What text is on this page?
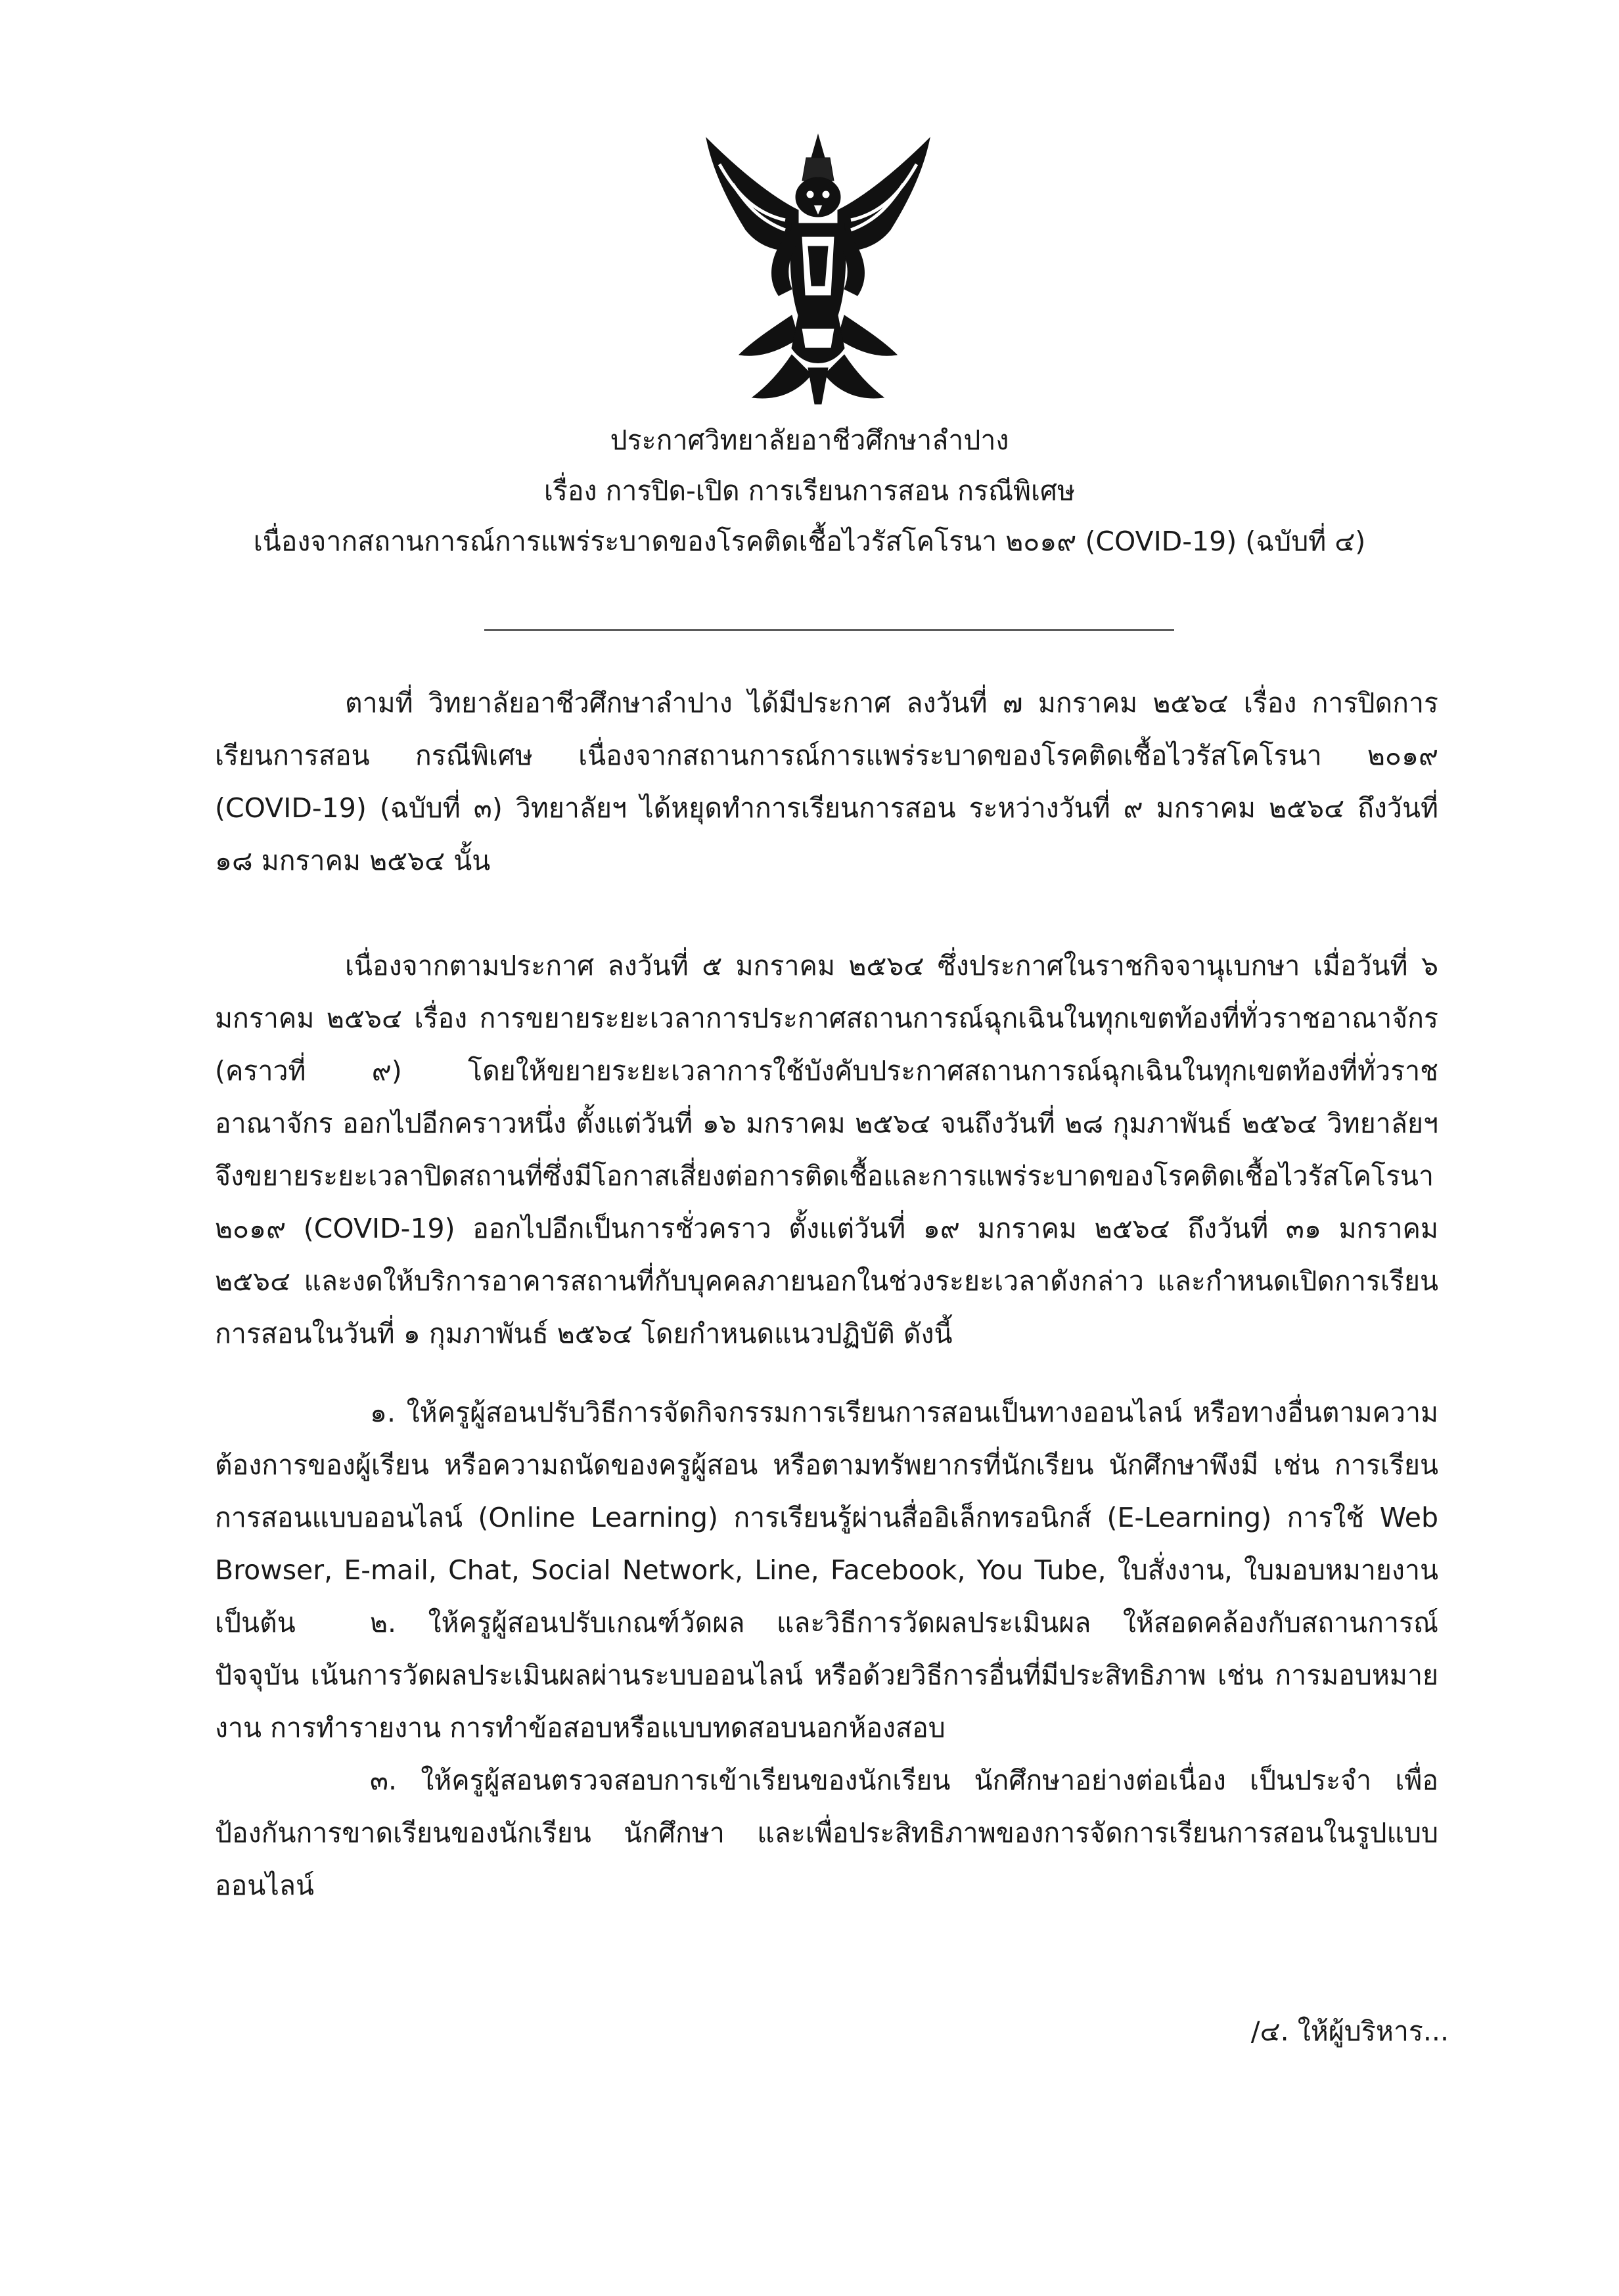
ประกาศวิทยาลัยอาชีวศึกษาลำปาง
เรื่อง การปิด-เปิด การเรียนการสอน กรณีพิเศษ
เนื่องจากสถานการณ์การแพร่ระบาดของโรคติดเชื้อไวรัสโคโรนา ๒๐๑๙ (COVID-19) (ฉบับที่ ๔)

ตามที่ วิทยาลัยอาชีวศึกษาลำปาง ได้มีประกาศ ลงวันที่ ๗ มกราคม ๒๕๖๔ เรื่อง การปิดการเรียนการสอน กรณีพิเศษ เนื่องจากสถานการณ์การแพร่ระบาดของโรคติดเชื้อไวรัสโคโรนา ๒๐๑๙ (COVID-19) (ฉบับที่ ๓) วิทยาลัยฯ ได้หยุดทำการเรียนการสอน ระหว่างวันที่ ๙ มกราคม ๒๕๖๔ ถึงวันที่ ๑๘ มกราคม ๒๕๖๔ นั้น

เนื่องจากตามประกาศ ลงวันที่ ๕ มกราคม ๒๕๖๔ ซึ่งประกาศในราชกิจจานุเบกษา เมื่อวันที่ ๖ มกราคม ๒๕๖๔ เรื่อง การขยายระยะเวลาการประกาศสถานการณ์ฉุกเฉินในทุกเขตท้องที่ทั่วราชอาณาจักร (คราวที่ ๙) โดยให้ขยายระยะเวลาการใช้บังคับประกาศสถานการณ์ฉุกเฉินในทุกเขตท้องที่ทั่วราชอาณาจักร ออกไปอีกคราวหนึ่ง ตั้งแต่วันที่ ๑๖ มกราคม ๒๕๖๔ จนถึงวันที่ ๒๘ กุมภาพันธ์ ๒๕๖๔ วิทยาลัยฯ จึงขยายระยะเวลาปิดสถานที่ซึ่งมีโอกาสเสี่ยงต่อการติดเชื้อและการแพร่ระบาดของโรคติดเชื้อไวรัสโคโรนา ๒๐๑๙ (COVID-19) ออกไปอีกเป็นการชั่วคราว ตั้งแต่วันที่ ๑๙ มกราคม ๒๕๖๔ ถึงวันที่ ๓๑ มกราคม ๒๕๖๔ และงดให้บริการอาคารสถานที่กับบุคคลภายนอกในช่วงระยะเวลาดังกล่าว และกำหนดเปิดการเรียนการสอนในวันที่ ๑ กุมภาพันธ์ ๒๕๖๔ โดยกำหนดแนวปฏิบัติ ดังนี้

๑. ให้ครูผู้สอนปรับวิธีการจัดกิจกรรมการเรียนการสอนเป็นทางออนไลน์ หรือทางอื่นตามความต้องการของผู้เรียน หรือความถนัดของครูผู้สอน หรือตามทรัพยากรที่นักเรียน นักศึกษาพึงมี เช่น การเรียนการสอนแบบออนไลน์ (Online Learning) การเรียนรู้ผ่านสื่ออิเล็กทรอนิกส์ (E-Learning) การใช้ Web Browser, E-mail, Chat, Social Network, Line, Facebook, You Tube, ใบสั่งงาน, ใบมอบหมายงาน เป็นต้น	๒. ให้ครูผู้สอนปรับเกณฑ์วัดผล และวิธีการวัดผลประเมินผล ให้สอดคล้องกับสถานการณ์ปัจจุบัน เน้นการวัดผลประเมินผลผ่านระบบออนไลน์ หรือด้วยวิธีการอื่นที่มีประสิทธิภาพ เช่น การมอบหมายงาน การทำรายงาน การทำข้อสอบหรือแบบทดสอบนอกห้องสอบ

๓. ให้ครูผู้สอนตรวจสอบการเข้าเรียนของนักเรียน นักศึกษาอย่างต่อเนื่อง เป็นประจำ เพื่อป้องกันการขาดเรียนของนักเรียน นักศึกษา และเพื่อประสิทธิภาพของการจัดการเรียนการสอนในรูปแบบออนไลน์

/๔. ให้ผู้บริหาร...
